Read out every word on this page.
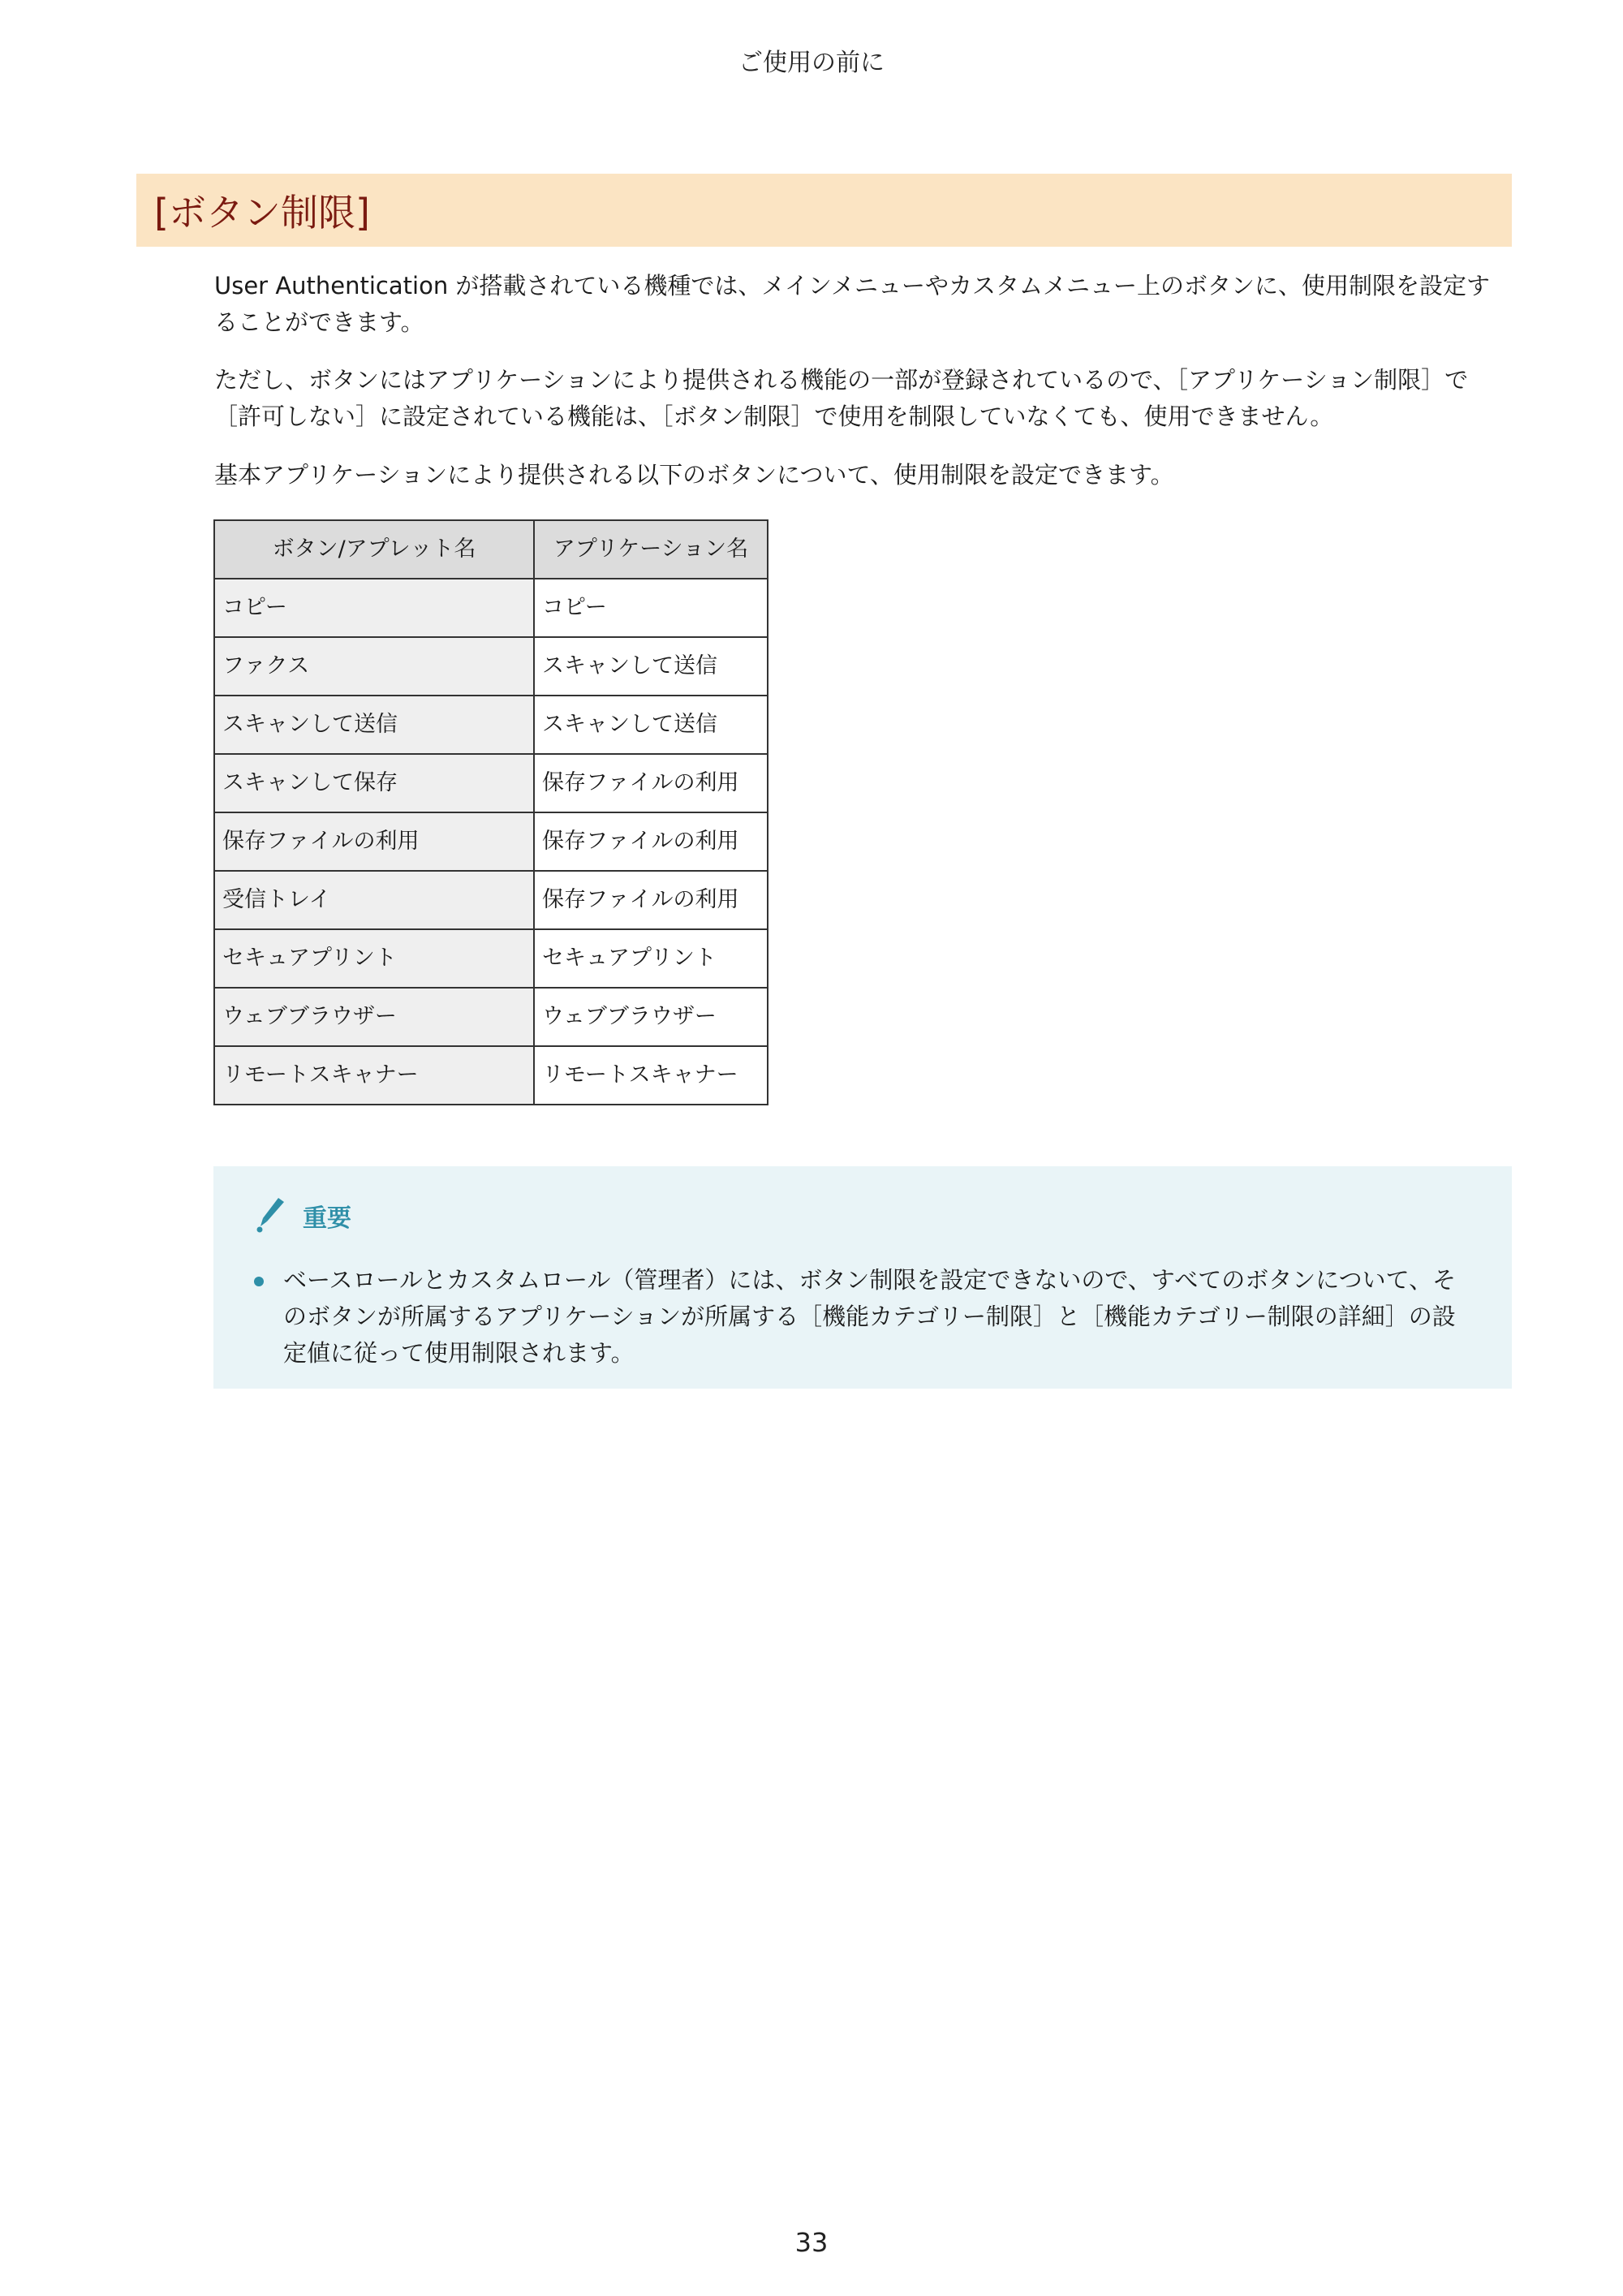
ご使用の前に
[ボタン制限]
User Authentication が搭載されている機種では、メインメニューやカスタムメニュー上のボタンに、使用制限を設定することができます。
ただし、ボタンにはアプリケーションにより提供される機能の一部が登録されているので、［アプリケーション制限］で［許可しない］に設定されている機能は、［ボタン制限］で使用を制限していなくても、使用できません。
基本アプリケーションにより提供される以下のボタンについて、使用制限を設定できます。
ボタン/アプレット名	アプリケーション名
コピー	コピー
ファクス	スキャンして送信
スキャンして送信	スキャンして送信
スキャンして保存	保存ファイルの利用
保存ファイルの利用	保存ファイルの利用
受信トレイ	保存ファイルの利用
セキュアプリント	セキュアプリント
ウェブブラウザー	ウェブブラウザー
リモートスキャナー	リモートスキャナー
重要
ベースロールとカスタムロール（管理者）には、ボタン制限を設定できないので、すべてのボタンについて、そのボタンが所属するアプリケーションが所属する［機能カテゴリー制限］と［機能カテゴリー制限の詳細］の設定値に従って使用制限されます。
33
